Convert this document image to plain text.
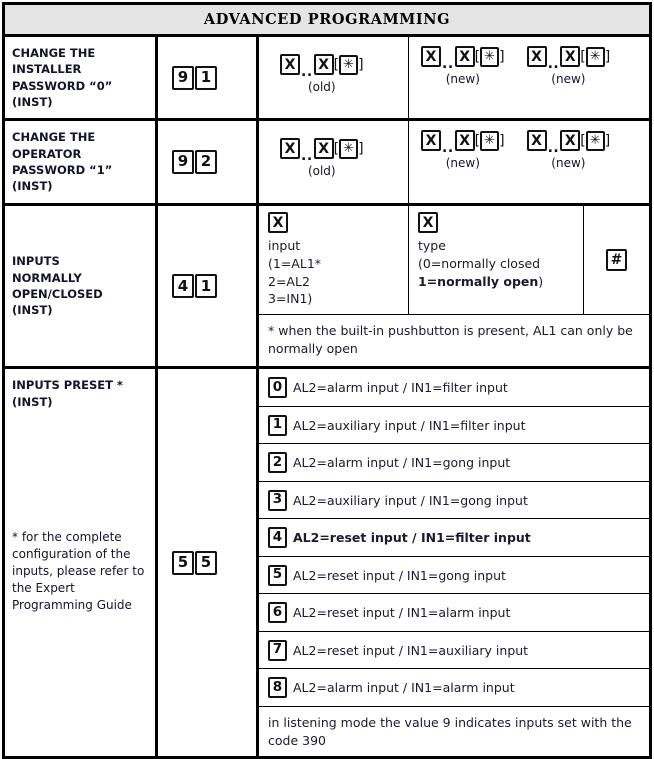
ADVANCED PROGRAMMING
CHANGE THE
INSTALLER
PASSWORD “0”
(INST)
9 1
X .. X [ ✳ ]
(old)
X .. X [ ✳ ]
(new)
X .. X [ ✳ ]
(new)
CHANGE THE
OPERATOR
PASSWORD “1”
(INST)
9 2
X .. X [ ✳ ]
(old)
X .. X [ ✳ ]
(new)
X .. X [ ✳ ]
(new)
INPUTS
NORMALLY
OPEN/CLOSED
(INST)
4 1
X
input
(1=AL1*
2=AL2
3=IN1)
X
type
(0=normally closed
1=normally open)
#
* when the built-in pushbutton is present, AL1 can only be normally open
INPUTS PRESET *
(INST)
* for the complete configuration of the inputs, please refer to the Expert Programming Guide
5 5
0 AL2=alarm input / IN1=filter input
1 AL2=auxiliary input / IN1=filter input
2 AL2=alarm input / IN1=gong input
3 AL2=auxiliary input / IN1=gong input
4 AL2=reset input / IN1=filter input
5 AL2=reset input / IN1=gong input
6 AL2=reset input / IN1=alarm input
7 AL2=reset input / IN1=auxiliary input
8 AL2=alarm input / IN1=alarm input
in listening mode the value 9 indicates inputs set with the code 390
